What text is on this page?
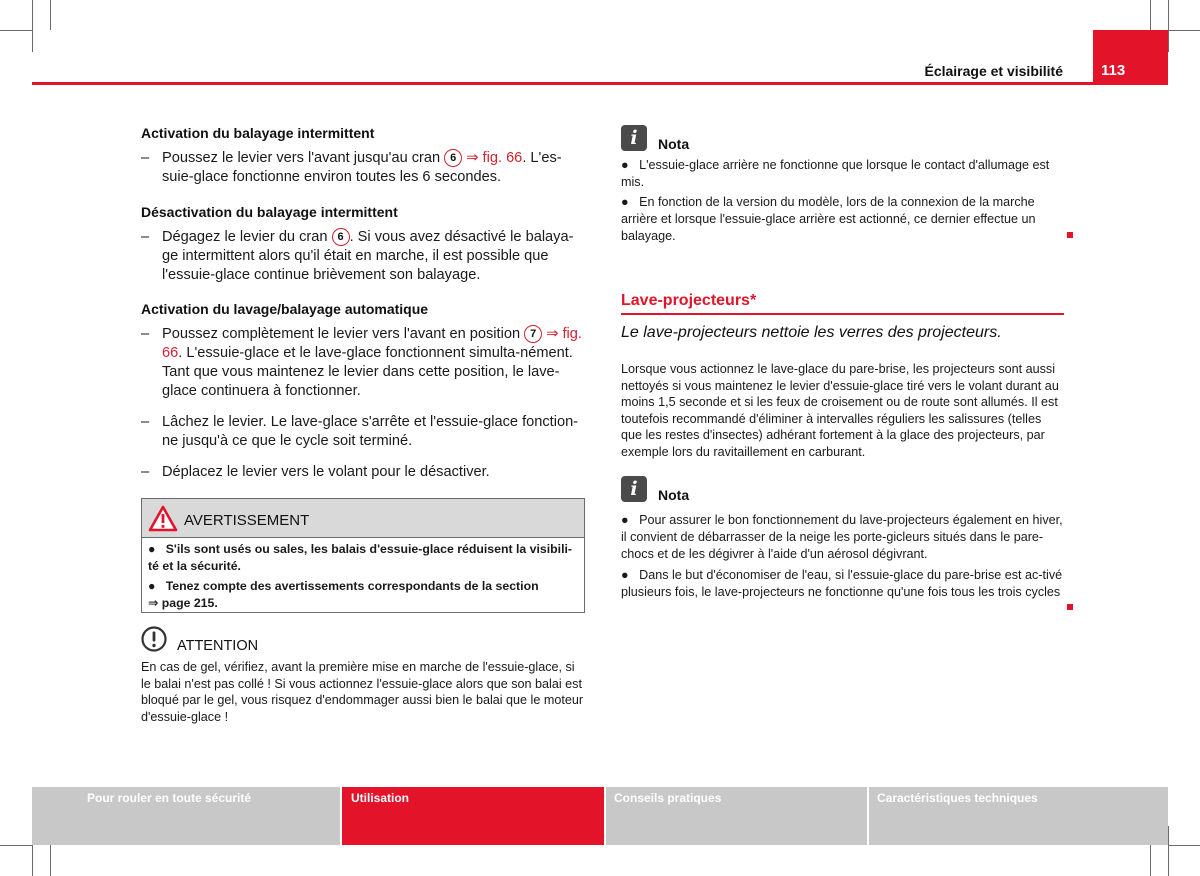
Éclairage et visibilité	113
Activation du balayage intermittent
– Poussez le levier vers l'avant jusqu'au cran 6 ⇒ fig. 66. L'es-suie-glace fonctionne environ toutes les 6 secondes.
Désactivation du balayage intermittent
– Dégagez le levier du cran 6 . Si vous avez désactivé le balaya-ge intermittent alors qu'il était en marche, il est possible que l'essuie-glace continue brièvement son balayage.
Activation du lavage/balayage automatique
– Poussez complètement le levier vers l'avant en position 7 ⇒ fig. 66. L'essuie-glace et le lave-glace fonctionnent simulta-nément. Tant que vous maintenez le levier dans cette position, le lave-glace continuera à fonctionner.
– Lâchez le levier. Le lave-glace s'arrête et l'essuie-glace fonction-ne jusqu'à ce que le cycle soit terminé.
– Déplacez le levier vers le volant pour le désactiver.
AVERTISSEMENT
● S'ils sont usés ou sales, les balais d'essuie-glace réduisent la visibili-té et la sécurité.
● Tenez compte des avertissements correspondants de la section
⇒ page 215.
ATTENTION
En cas de gel, vérifiez, avant la première mise en marche de l'essuie-glace, si le balai n'est pas collé ! Si vous actionnez l'essuie-glace alors que son balai est bloqué par le gel, vous risquez d'endommager aussi bien le balai que le moteur d'essuie-glace !
i	Nota
● L'essuie-glace arrière ne fonctionne que lorsque le contact d'allumage est mis.
● En fonction de la version du modèle, lors de la connexion de la marche arrière et lorsque l'essuie-glace arrière est actionné, ce dernier effectue un balayage.
Lave-projecteurs*
Le lave-projecteurs nettoie les verres des projecteurs.
Lorsque vous actionnez le lave-glace du pare-brise, les projecteurs sont aussi nettoyés si vous maintenez le levier d'essuie-glace tiré vers le volant durant au moins 1,5 seconde et si les feux de croisement ou de route sont allumés. Il est toutefois recommandé d'éliminer à intervalles réguliers les salissures (telles que les restes d'insectes) adhérant fortement à la glace des projecteurs, par exemple lors du ravitaillement en carburant.
i	Nota
● Pour assurer le bon fonctionnement du lave-projecteurs également en hiver, il convient de débarrasser de la neige les porte-gicleurs situés dans le pare-chocs et de les dégivrer à l'aide d'un aérosol dégivrant.
● Dans le but d'économiser de l'eau, si l'essuie-glace du pare-brise est ac-tivé plusieurs fois, le lave-projecteurs ne fonctionne qu'une fois tous les trois cycles
Pour rouler en toute sécurité	Utilisation	Conseils pratiques	Caractéristiques techniques
